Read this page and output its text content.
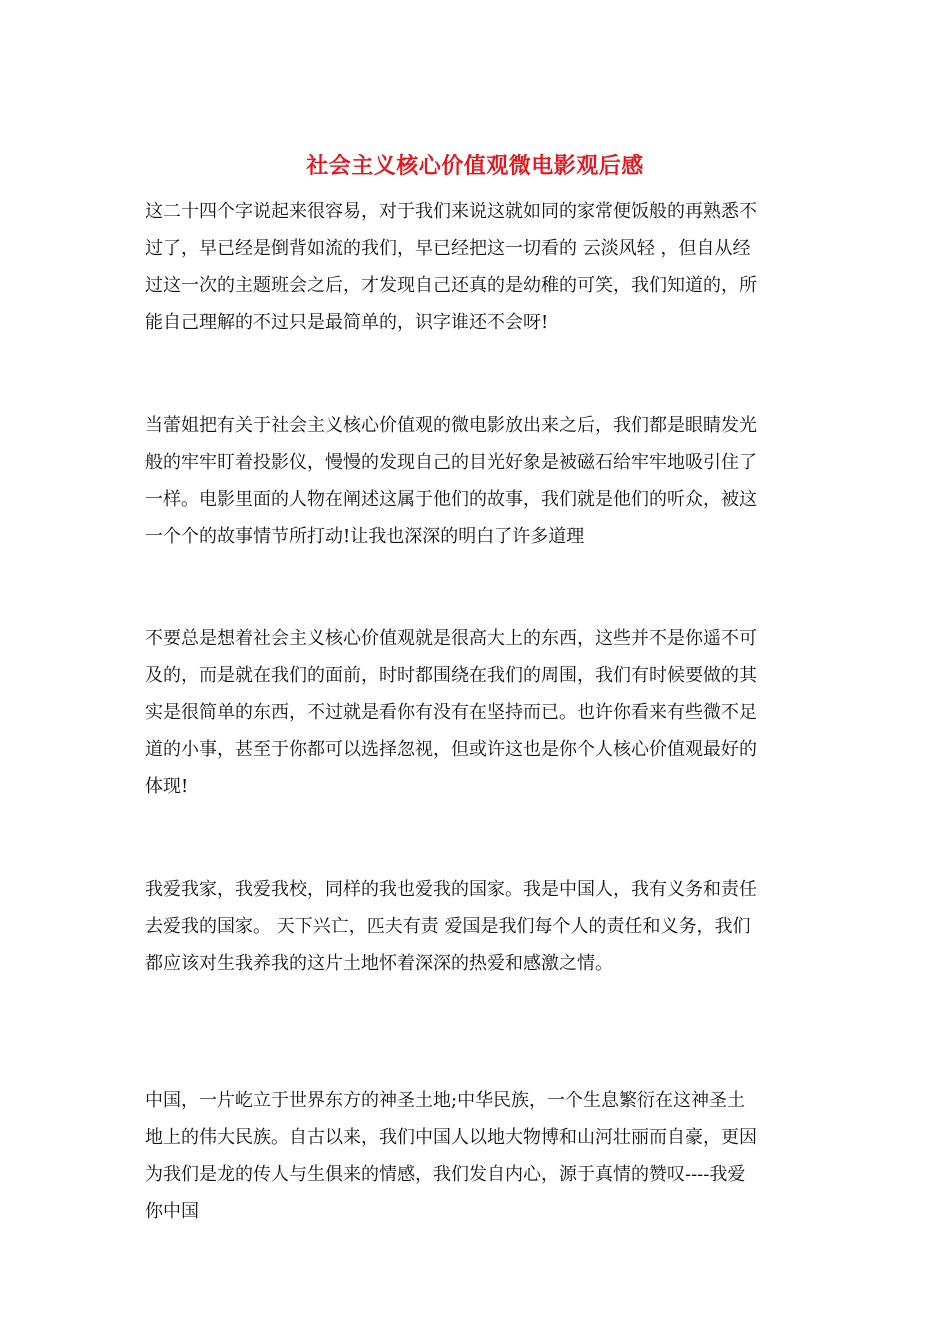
社会主义核心价值观微电影观后感
这二十四个字说起来很容易，对于我们来说这就如同的家常便饭般的再熟悉不
过了，早已经是倒背如流的我们，早已经把这一切看的 云淡风轻 ，但自从经
过这一次的主题班会之后，才发现自己还真的是幼稚的可笑，我们知道的，所
能自己理解的不过只是最简单的，识字谁还不会呀!
当蕾姐把有关于社会主义核心价值观的微电影放出来之后，我们都是眼睛发光
般的牢牢盯着投影仪，慢慢的发现自己的目光好象是被磁石给牢牢地吸引住了
一样。电影里面的人物在阐述这属于他们的故事，我们就是他们的听众，被这
一个个的故事情节所打动!让我也深深的明白了许多道理
不要总是想着社会主义核心价值观就是很高大上的东西，这些并不是你遥不可
及的，而是就在我们的面前，时时都围绕在我们的周围，我们有时候要做的其
实是很简单的东西，不过就是看你有没有在坚持而已。也许你看来有些微不足
道的小事，甚至于你都可以选择忽视，但或许这也是你个人核心价值观最好的
体现!
我爱我家，我爱我校，同样的我也爱我的国家。我是中国人，我有义务和责任
去爱我的国家。 天下兴亡，匹夫有责 爱国是我们每个人的责任和义务，我们
都应该对生我养我的这片土地怀着深深的热爱和感激之情。
中国，一片屹立于世界东方的神圣土地;中华民族，一个生息繁衍在这神圣土
地上的伟大民族。自古以来，我们中国人以地大物博和山河壮丽而自豪，更因
为我们是龙的传人与生俱来的情感，我们发自内心，源于真情的赞叹----我爱
你中国
